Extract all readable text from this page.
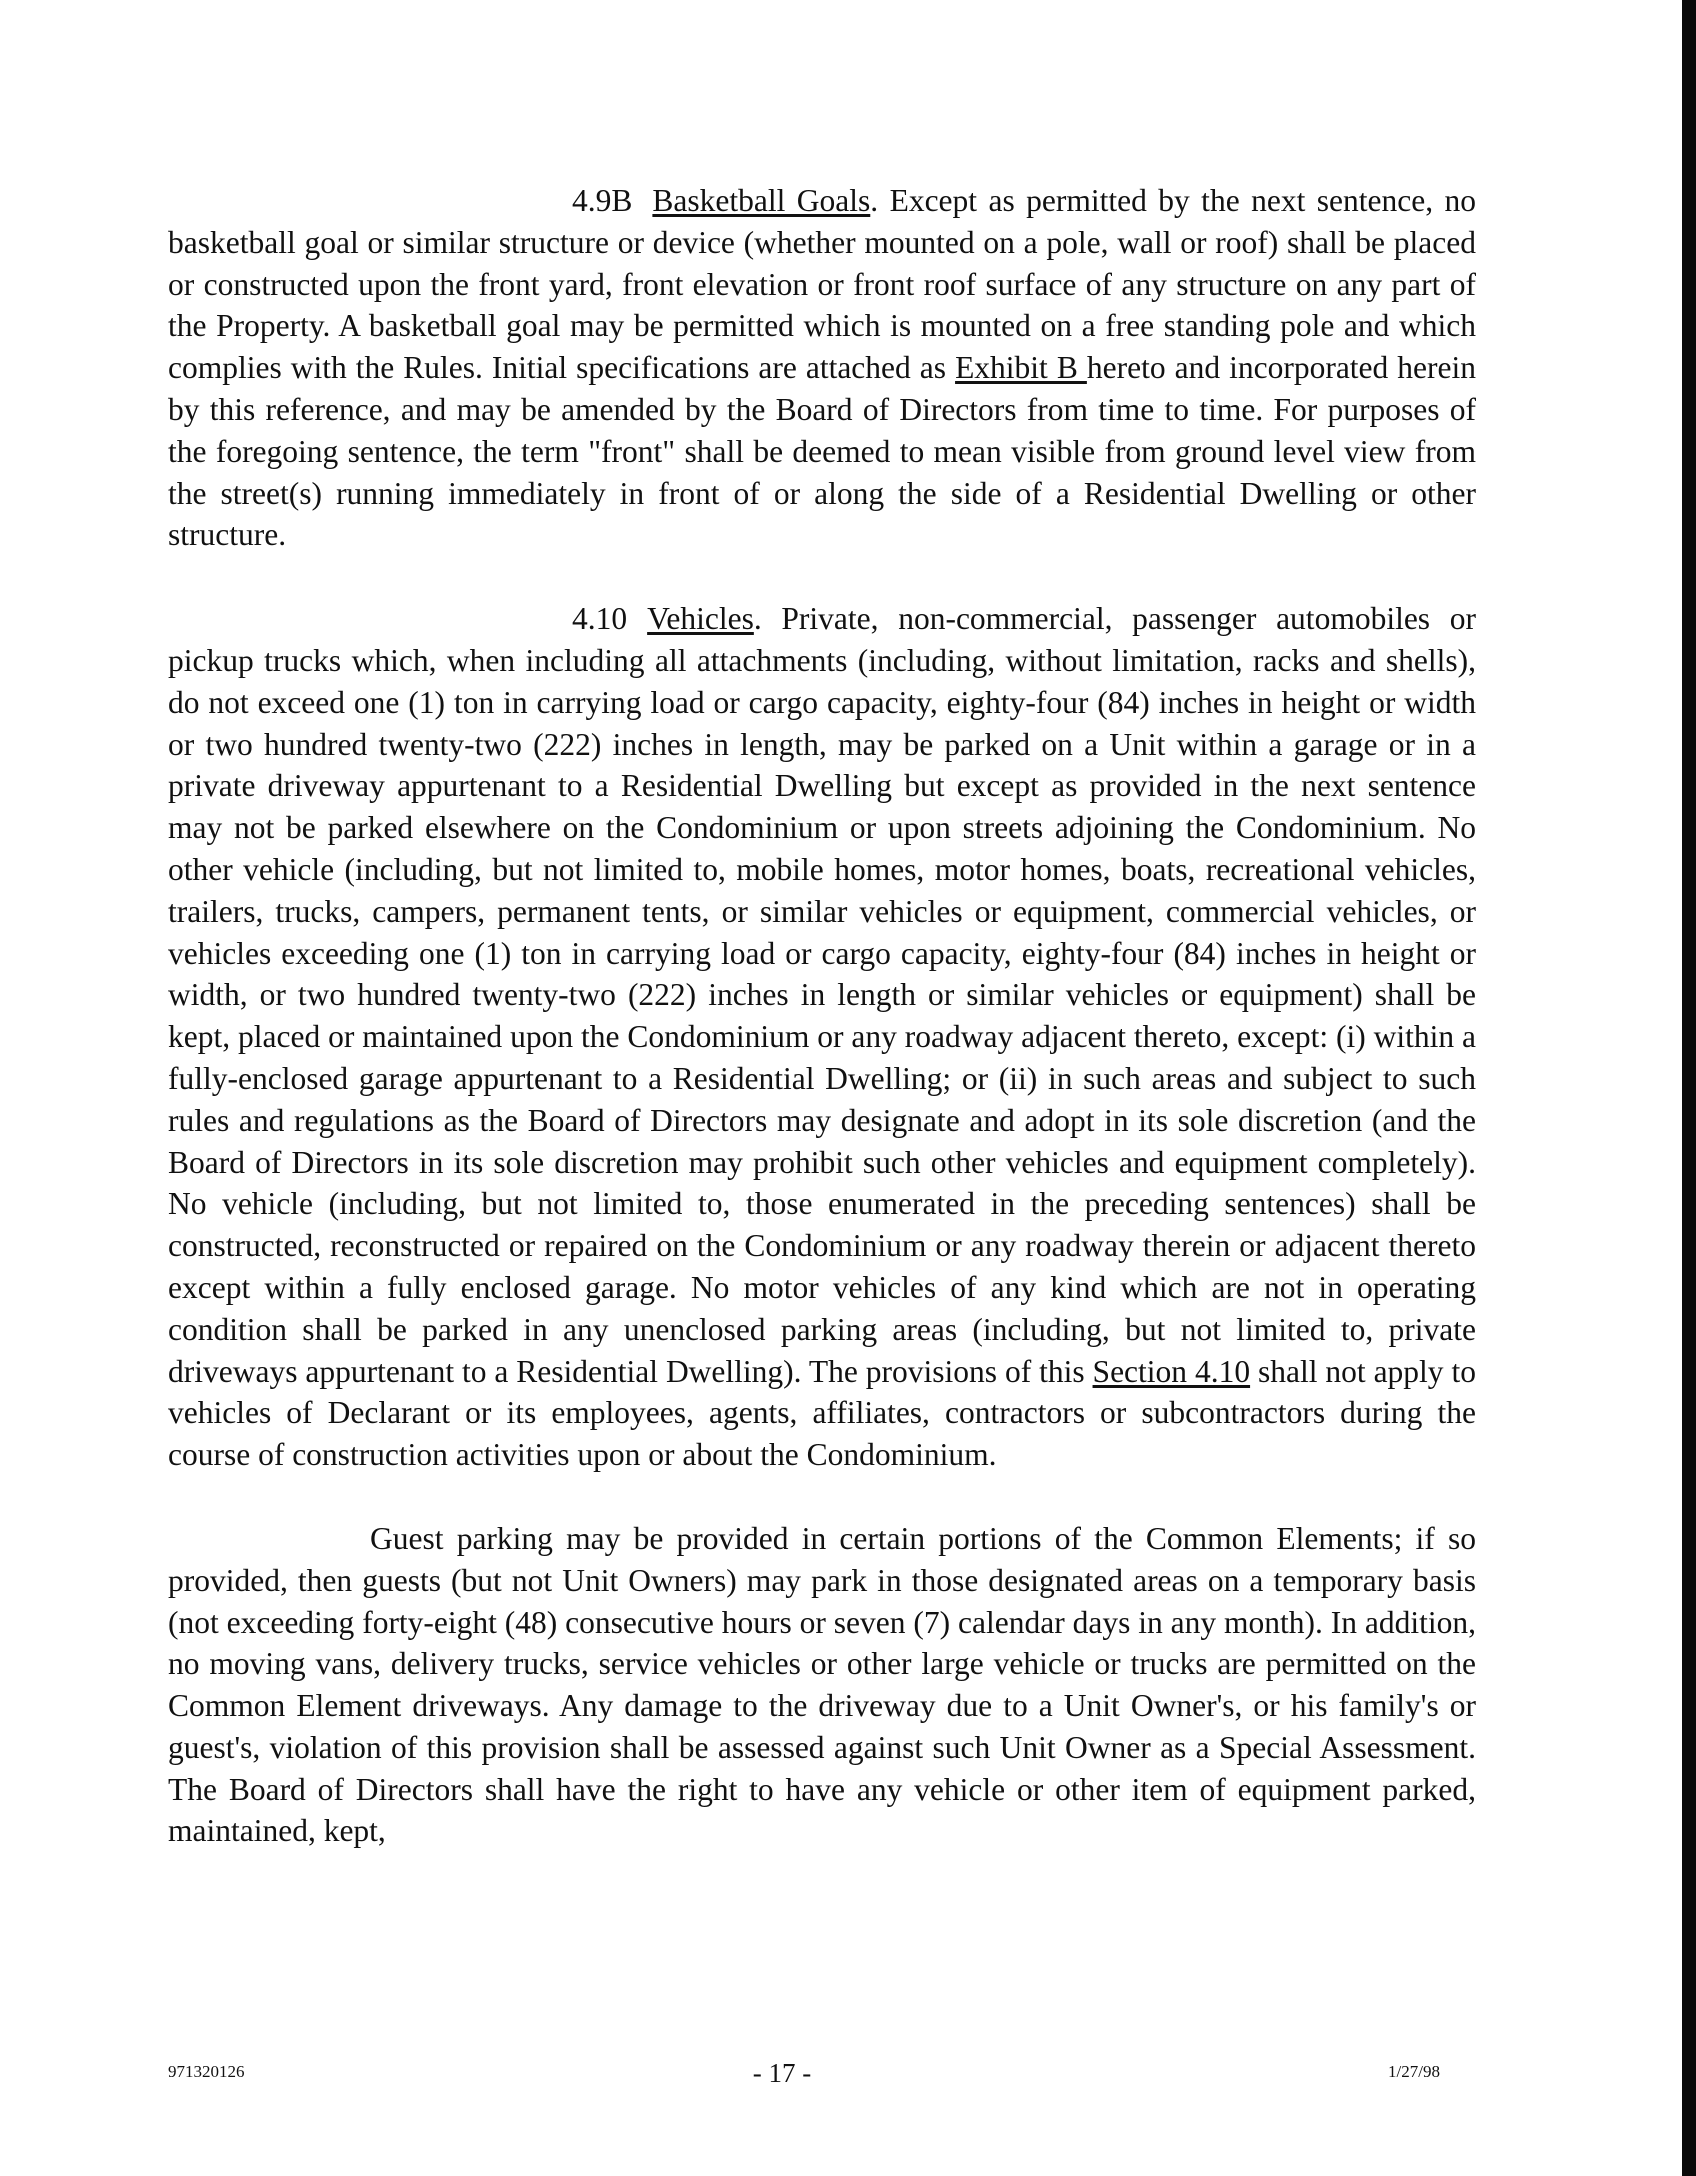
4.9B Basketball Goals. Except as permitted by the next sentence, no basketball goal or similar structure or device (whether mounted on a pole, wall or roof) shall be placed or constructed upon the front yard, front elevation or front roof surface of any structure on any part of the Property. A basketball goal may be permitted which is mounted on a free standing pole and which complies with the Rules. Initial specifications are attached as Exhibit B hereto and incorporated herein by this reference, and may be amended by the Board of Directors from time to time. For purposes of the foregoing sentence, the term "front" shall be deemed to mean visible from ground level view from the street(s) running immediately in front of or along the side of a Residential Dwelling or other structure.

4.10 Vehicles. Private, non-commercial, passenger automobiles or pickup trucks which, when including all attachments (including, without limitation, racks and shells), do not exceed one (1) ton in carrying load or cargo capacity, eighty-four (84) inches in height or width or two hundred twenty-two (222) inches in length, may be parked on a Unit within a garage or in a private driveway appurtenant to a Residential Dwelling but except as provided in the next sentence may not be parked elsewhere on the Condominium or upon streets adjoining the Condominium. No other vehicle (including, but not limited to, mobile homes, motor homes, boats, recreational vehicles, trailers, trucks, campers, permanent tents, or similar vehicles or equipment, commercial vehicles, or vehicles exceeding one (1) ton in carrying load or cargo capacity, eighty-four (84) inches in height or width, or two hundred twenty-two (222) inches in length or similar vehicles or equipment) shall be kept, placed or maintained upon the Condominium or any roadway adjacent thereto, except: (i) within a fully-enclosed garage appurtenant to a Residential Dwelling; or (ii) in such areas and subject to such rules and regulations as the Board of Directors may designate and adopt in its sole discretion (and the Board of Directors in its sole discretion may prohibit such other vehicles and equipment completely). No vehicle (including, but not limited to, those enumerated in the preceding sentences) shall be constructed, reconstructed or repaired on the Condominium or any roadway therein or adjacent thereto except within a fully enclosed garage. No motor vehicles of any kind which are not in operating condition shall be parked in any unenclosed parking areas (including, but not limited to, private driveways appurtenant to a Residential Dwelling). The provisions of this Section 4.10 shall not apply to vehicles of Declarant or its employees, agents, affiliates, contractors or subcontractors during the course of construction activities upon or about the Condominium.

Guest parking may be provided in certain portions of the Common Elements; if so provided, then guests (but not Unit Owners) may park in those designated areas on a temporary basis (not exceeding forty-eight (48) consecutive hours or seven (7) calendar days in any month). In addition, no moving vans, delivery trucks, service vehicles or other large vehicle or trucks are permitted on the Common Element driveways. Any damage to the driveway due to a Unit Owner's, or his family's or guest's, violation of this provision shall be assessed against such Unit Owner as a Special Assessment. The Board of Directors shall have the right to have any vehicle or other item of equipment parked, maintained, kept,

971320126	- 17 -	1/27/98
